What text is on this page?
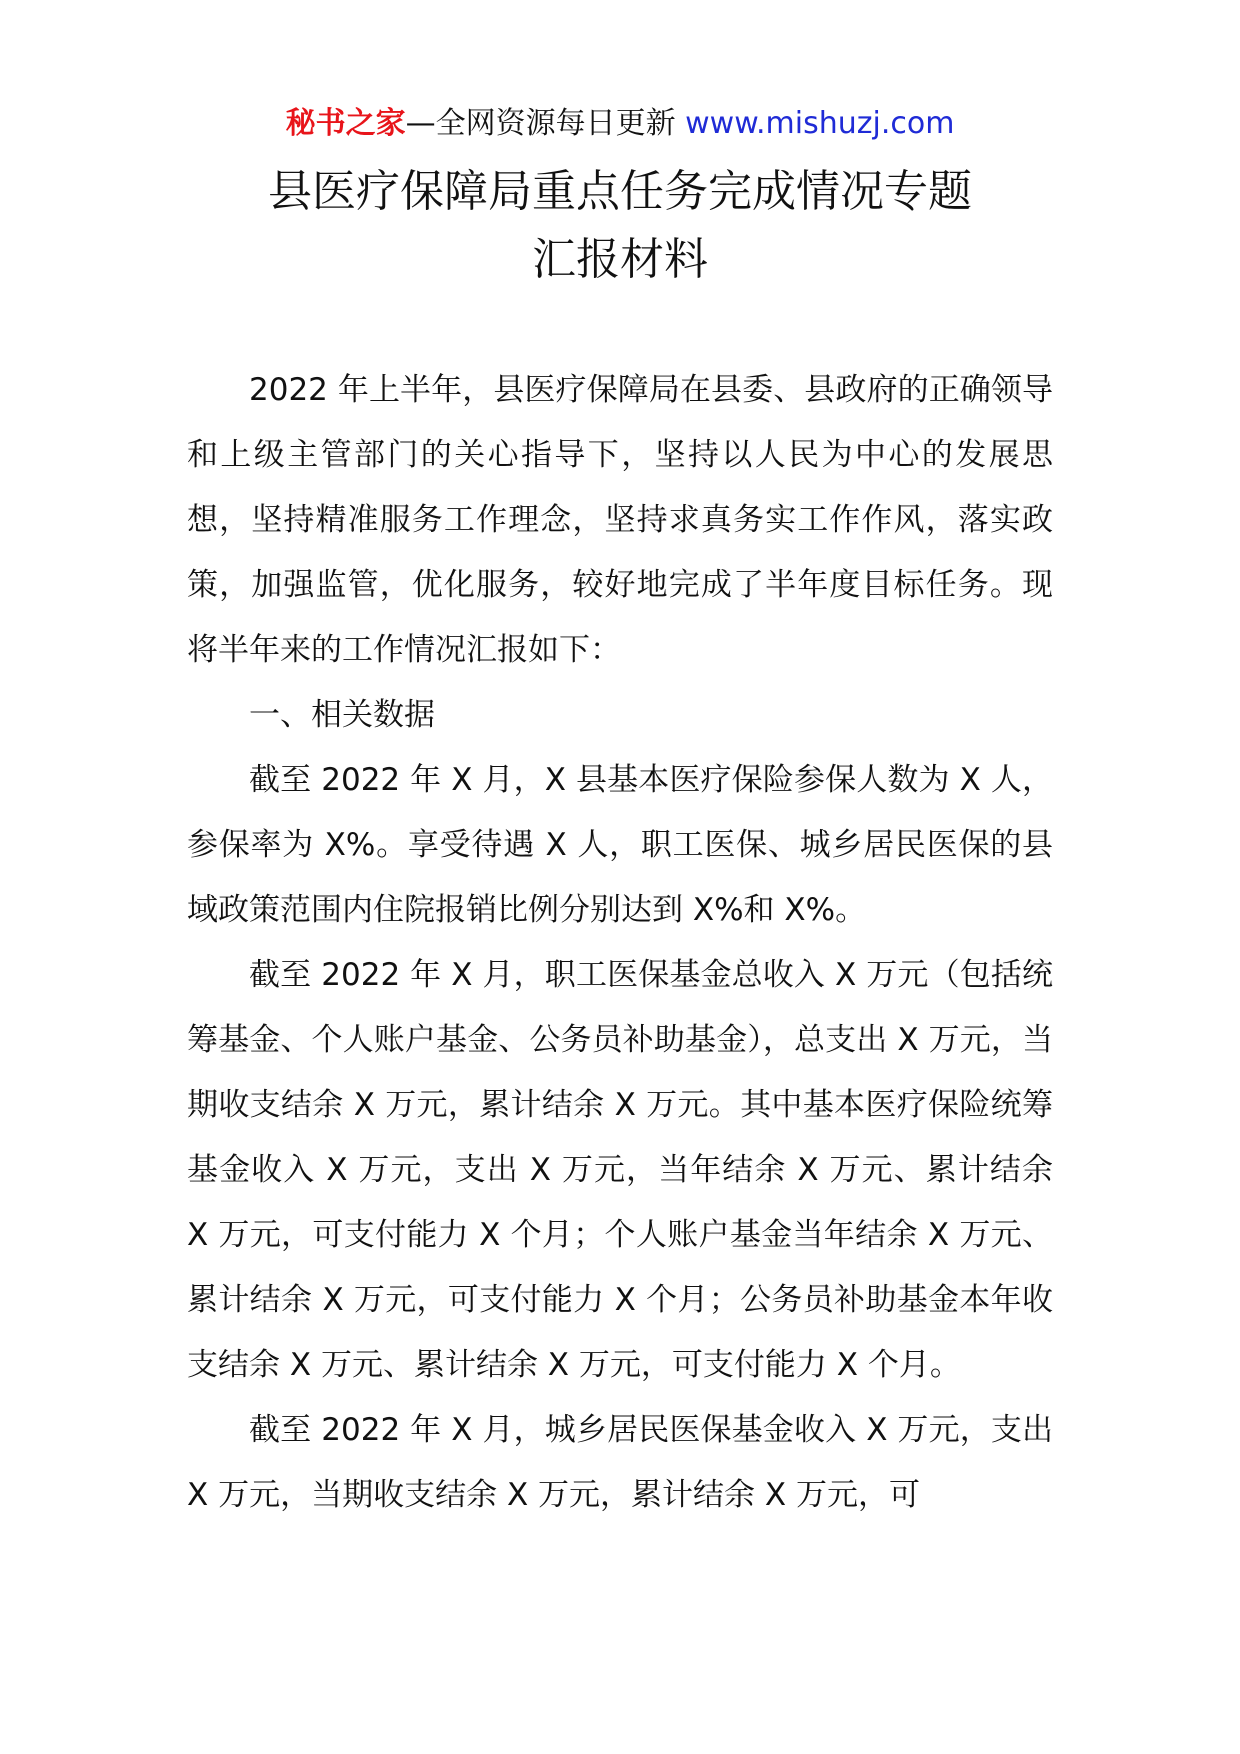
秘书之家—全网资源每日更新 www.mishuzj.com
县医疗保障局重点任务完成情况专题
汇报材料

2022 年上半年，县医疗保障局在县委、县政府的正确领导和上级主管部门的关心指导下，坚持以人民为中心的发展思想，坚持精准服务工作理念，坚持求真务实工作作风，落实政策，加强监管，优化服务，较好地完成了半年度目标任务。现将半年来的工作情况汇报如下：

一、相关数据

截至 2022 年 X 月，X 县基本医疗保险参保人数为 X 人，参保率为 X%。享受待遇 X 人，职工医保、城乡居民医保的县域政策范围内住院报销比例分别达到 X%和 X%。

截至 2022 年 X 月，职工医保基金总收入 X 万元（包括统筹基金、个人账户基金、公务员补助基金），总支出 X 万元，当期收支结余 X 万元，累计结余 X 万元。其中基本医疗保险统筹基金收入 X 万元，支出 X 万元，当年结余 X 万元、累计结余 X 万元，可支付能力 X 个月；个人账户基金当年结余 X 万元、累计结余 X 万元，可支付能力 X 个月；公务员补助基金本年收支结余 X 万元、累计结余 X 万元，可支付能力 X 个月。

截至 2022 年 X 月，城乡居民医保基金收入 X 万元，支出 X 万元，当期收支结余 X 万元，累计结余 X 万元，可
